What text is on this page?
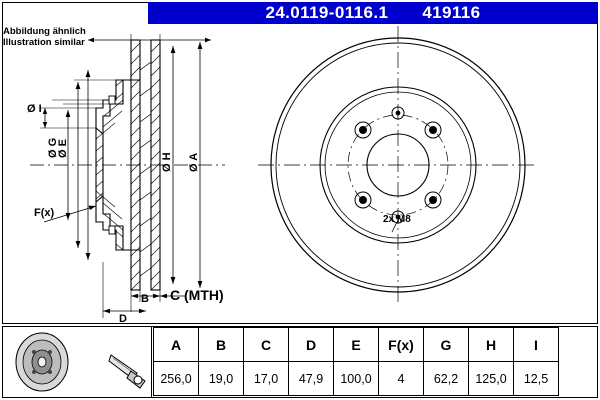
24.0119-0116.1 419116
Abbildung ähnlich
Illustration similar
Ø I
Ø G
Ø E
Ø H Ø A
F(x)
B C (MTH)
D
2x M8
A	B	C	D	E	F(x)	G	H	I
256,0	19,0	17,0	47,9	100,0	4	62,2	125,0	12,5
